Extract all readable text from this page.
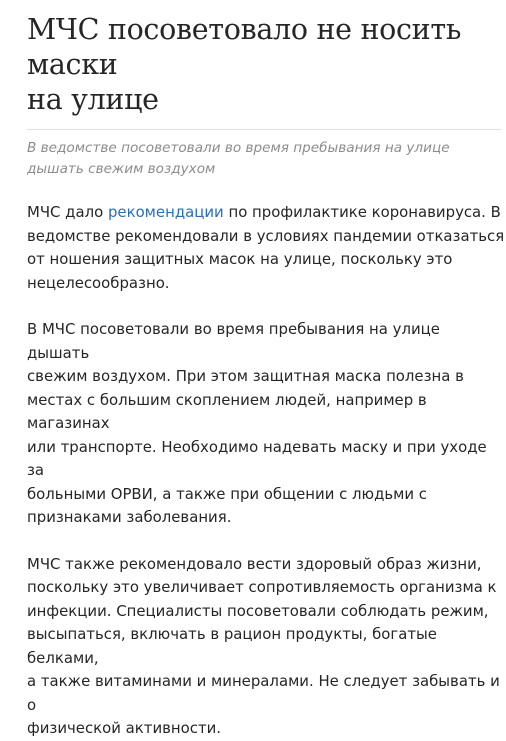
МЧС посоветовало не носить маски
на улице

В ведомстве посоветовали во время пребывания на улице
дышать свежим воздухом

МЧС дало рекомендации по профилактике коронавируса. В
ведомстве рекомендовали в условиях пандемии отказаться
от ношения защитных масок на улице, поскольку это
нецелесообразно.

В МЧС посоветовали во время пребывания на улице дышать
свежим воздухом. При этом защитная маска полезна в
местах с большим скоплением людей, например в магазинах
или транспорте. Необходимо надевать маску и при уходе за
больными ОРВИ, а также при общении с людьми с
признаками заболевания.

МЧС также рекомендовало вести здоровый образ жизни,
поскольку это увеличивает сопротивляемость организма к
инфекции. Специалисты посоветовали соблюдать режим,
высыпаться, включать в рацион продукты, богатые белками,
а также витаминами и минералами. Не следует забывать и о
физической активности.
